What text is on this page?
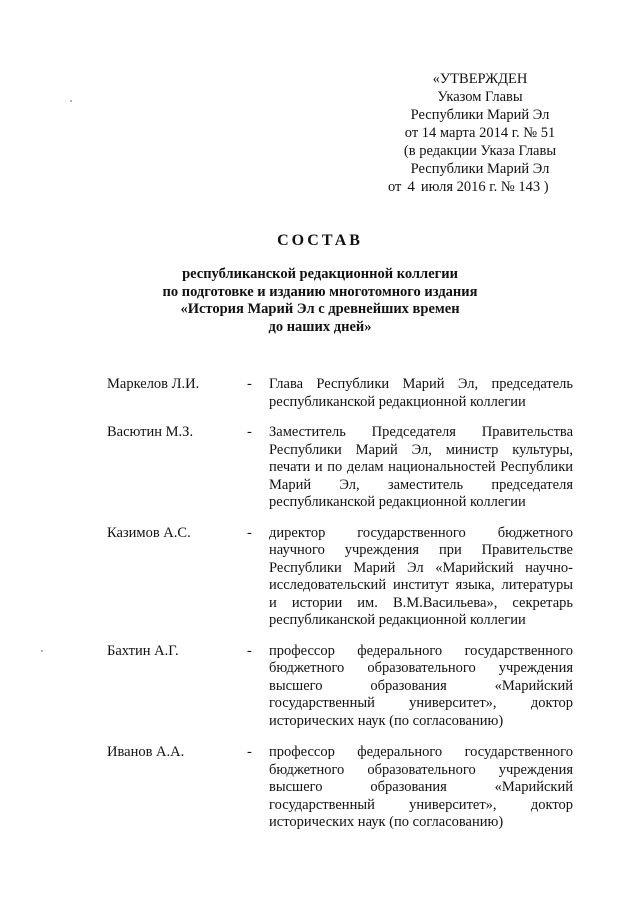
«УТВЕРЖДЕН
Указом Главы
Республики Марий Эл
от 14 марта 2014 г. № 51
(в редакции Указа Главы
Республики Марий Эл
от 4 июля 2016 г. № 143 )
СОСТАВ
республиканской редакционной коллегии
по подготовке и изданию многотомного издания
«История Марий Эл с древнейших времен
до наших дней»
Маркелов Л.И.	-	Глава Республики Марий Эл, председатель республиканской редакционной коллегии
Васютин М.З.	-	Заместитель Председателя Правительства Республики Марий Эл, министр культуры, печати и по делам национальностей Республики Марий Эл, заместитель председателя республиканской редакционной коллегии
Казимов А.С.	-	директор государственного бюджетного научного учреждения при Правительстве Республики Марий Эл «Марийский научно-исследовательский институт языка, литературы и истории им. В.М.Васильева», секретарь республиканской редакционной коллегии
Бахтин А.Г.	-	профессор федерального государственного бюджетного образовательного учреждения высшего образования «Марийский государственный университет», доктор исторических наук (по согласованию)
Иванов А.А.	-	профессор федерального государственного бюджетного образовательного учреждения высшего образования «Марийский государственный университет», доктор исторических наук (по согласованию)
